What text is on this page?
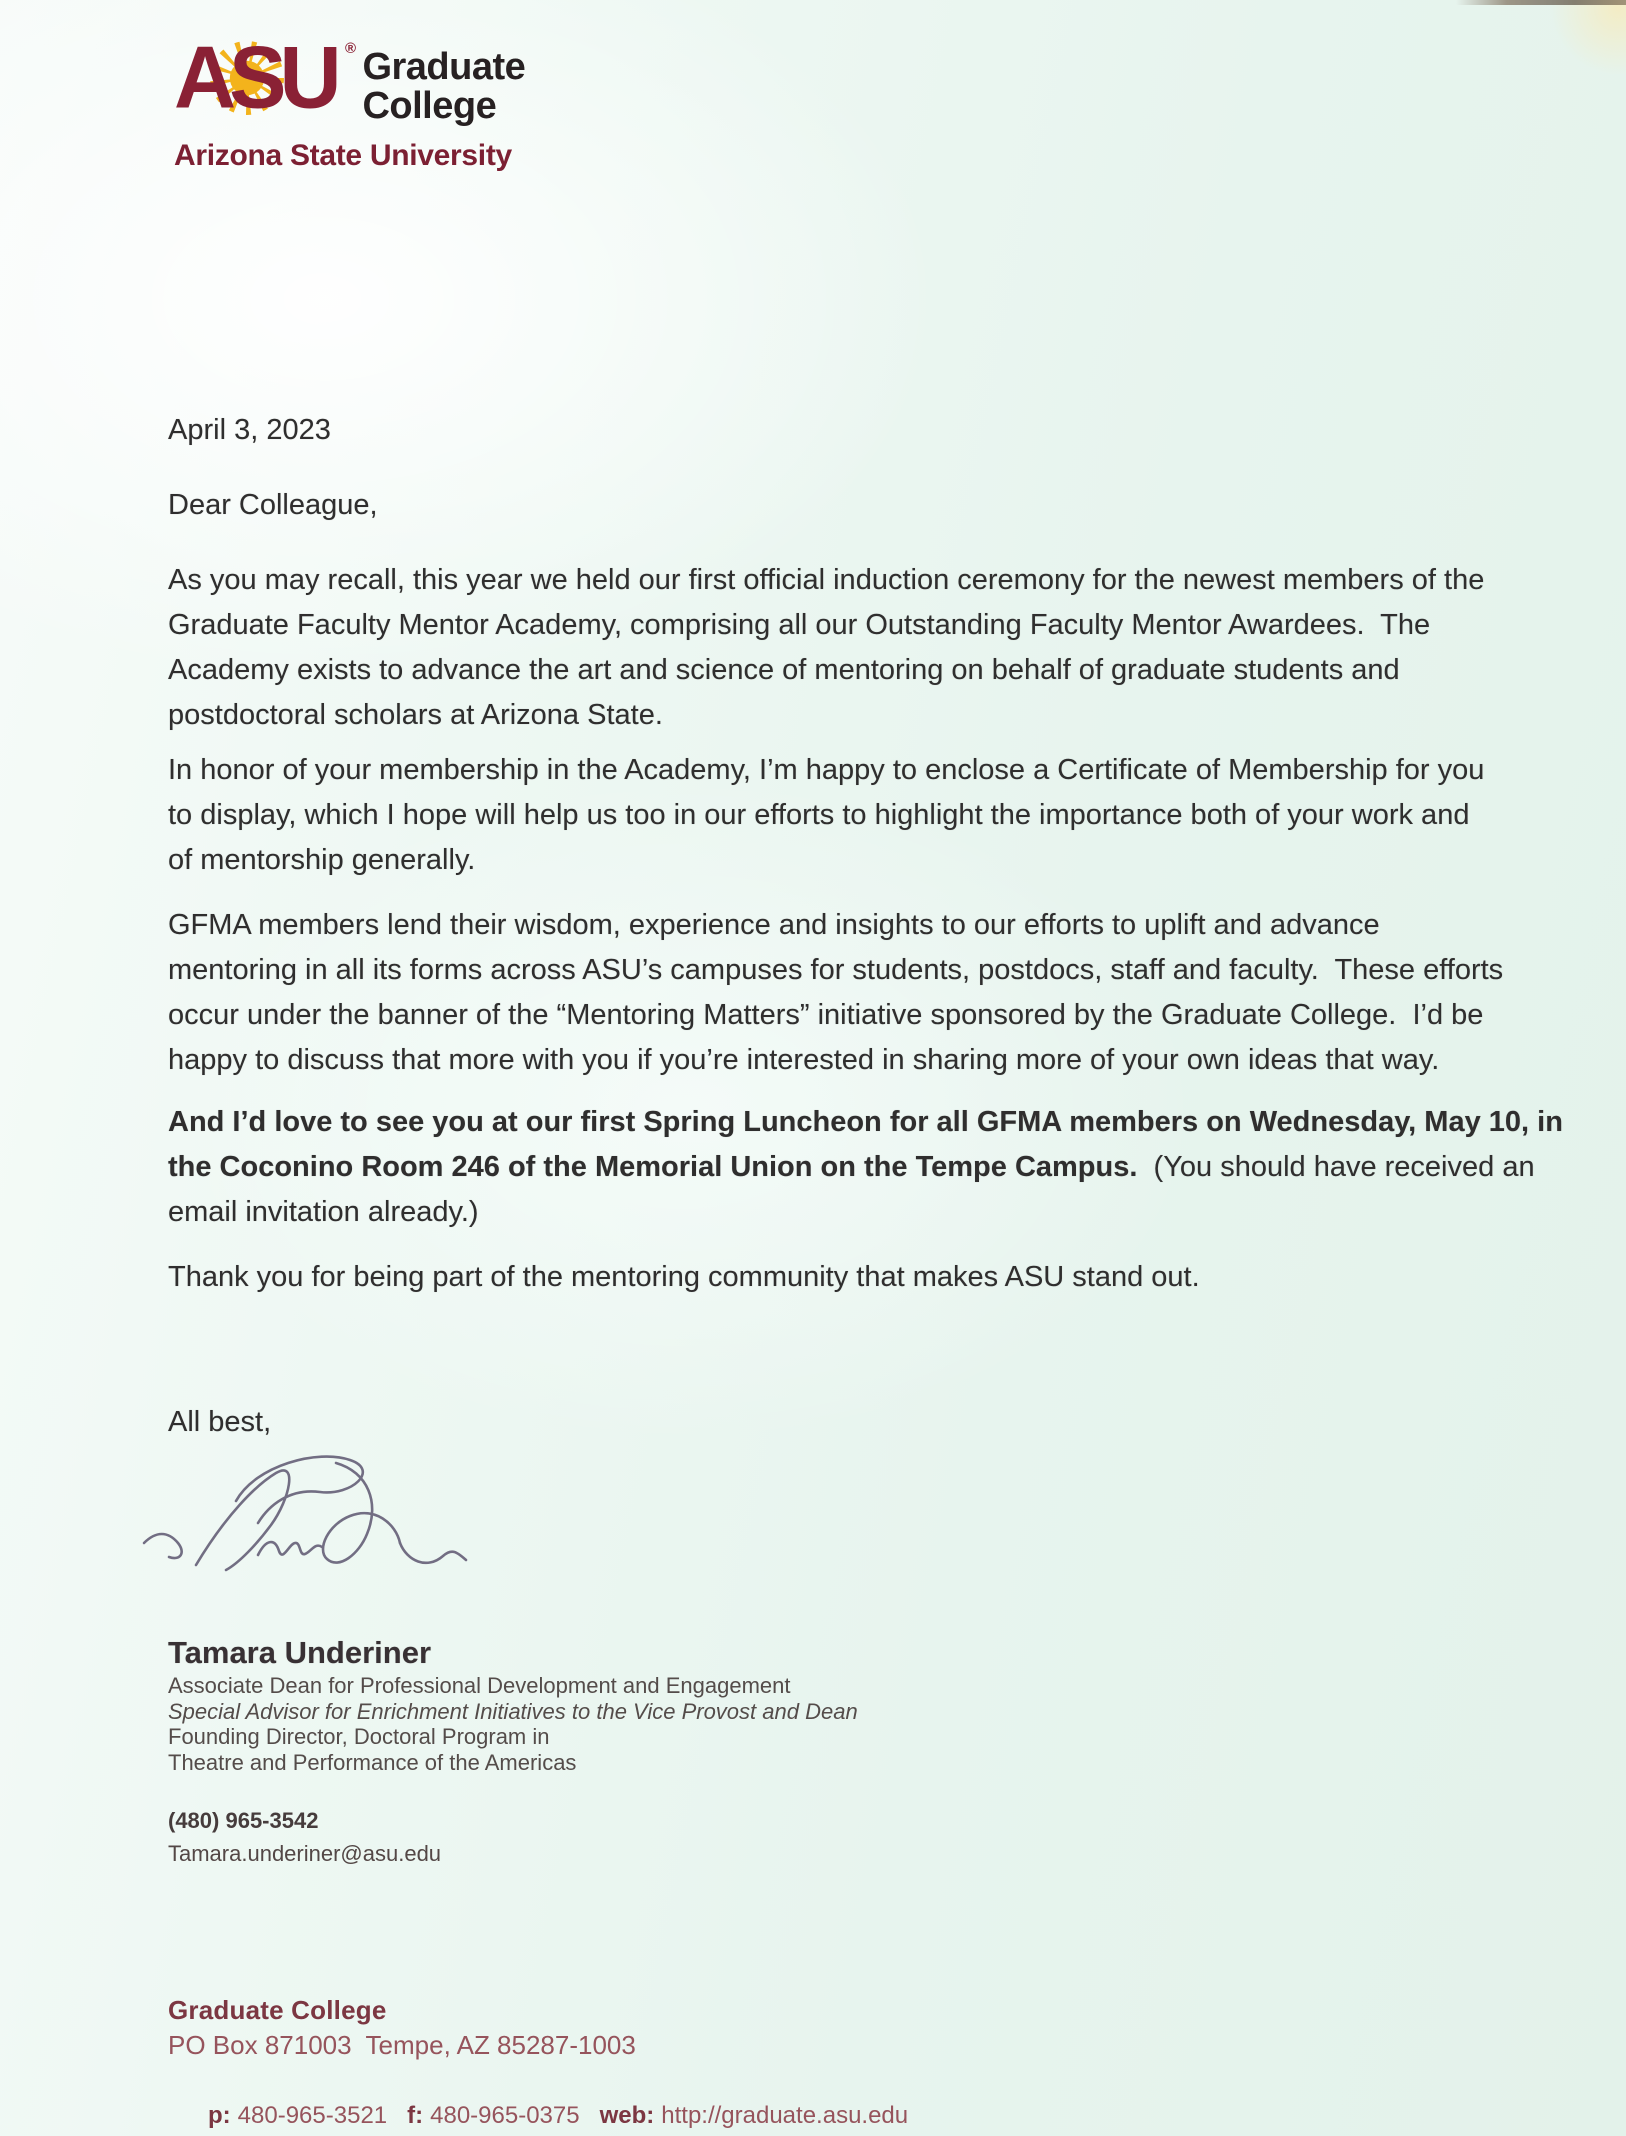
ASU ®
Graduate
College
Arizona State University
April 3, 2023
Dear Colleague,
As you may recall, this year we held our first official induction ceremony for the newest members of the
Graduate Faculty Mentor Academy, comprising all our Outstanding Faculty Mentor Awardees.  The
Academy exists to advance the art and science of mentoring on behalf of graduate students and
postdoctoral scholars at Arizona State.
In honor of your membership in the Academy, I’m happy to enclose a Certificate of Membership for you
to display, which I hope will help us too in our efforts to highlight the importance both of your work and
of mentorship generally.
GFMA members lend their wisdom, experience and insights to our efforts to uplift and advance
mentoring in all its forms across ASU’s campuses for students, postdocs, staff and faculty.  These efforts
occur under the banner of the “Mentoring Matters” initiative sponsored by the Graduate College.  I’d be
happy to discuss that more with you if you’re interested in sharing more of your own ideas that way.
And I’d love to see you at our first Spring Luncheon for all GFMA members on Wednesday, May 10, in
the Coconino Room 246 of the Memorial Union on the Tempe Campus.  (You should have received an
email invitation already.)
Thank you for being part of the mentoring community that makes ASU stand out.
All best,
Tamara Underiner
Associate Dean for Professional Development and Engagement
Special Advisor for Enrichment Initiatives to the Vice Provost and Dean
Founding Director, Doctoral Program in
Theatre and Performance of the Americas
(480) 965-3542
Tamara.underiner@asu.edu
Graduate College
PO Box 871003  Tempe, AZ 85287-1003

p: 480-965-3521 f: 480-965-0375 web: http://graduate.asu.edu
